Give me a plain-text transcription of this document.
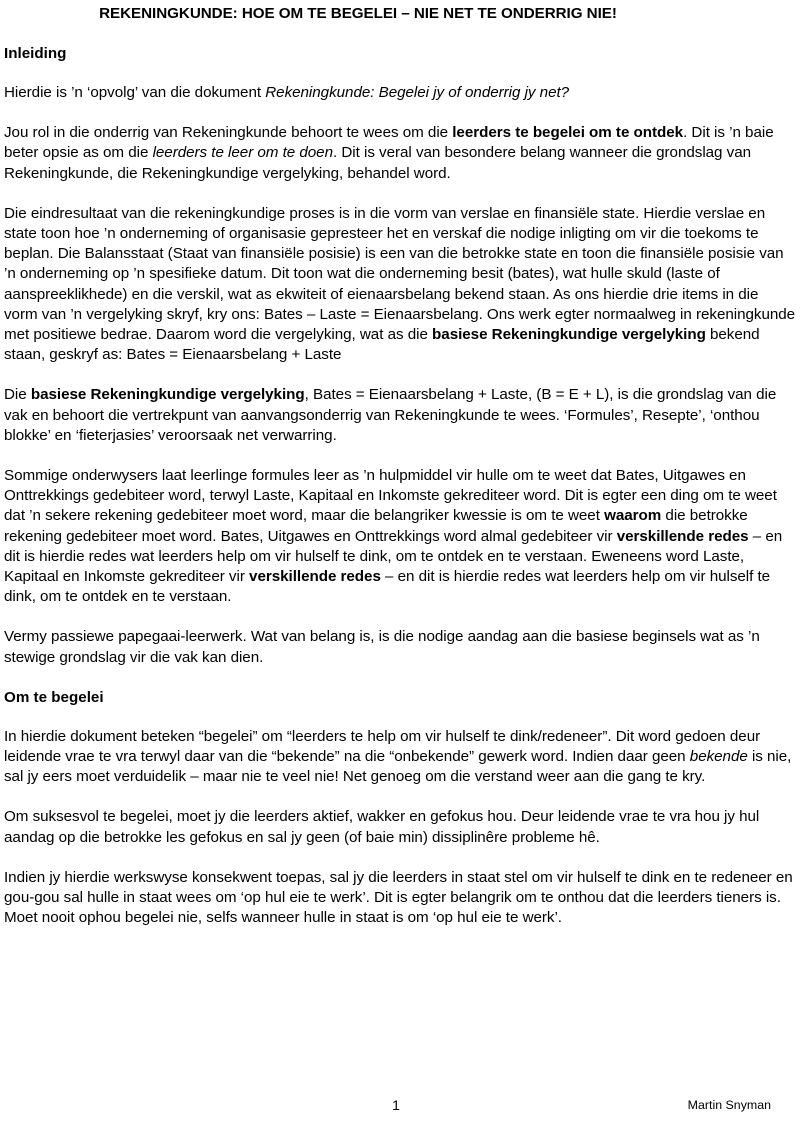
REKENINGKUNDE: HOE OM TE BEGELEI – NIE NET TE ONDERRIG NIE!
Inleiding

Hierdie is ’n ‘opvolg’ van die dokument Rekeningkunde: Begelei jy of onderrig jy net?

Jou rol in die onderrig van Rekeningkunde behoort te wees om die leerders te begelei om te ontdek. Dit is ’n baie beter opsie as om die leerders te leer om te doen. Dit is veral van besondere belang wanneer die grondslag van Rekeningkunde, die Rekeningkundige vergelyking, behandel word.

Die eindresultaat van die rekeningkundige proses is in die vorm van verslae en finansiële state. Hierdie verslae en state toon hoe ’n onderneming of organisasie gepresteer het en verskaf die nodige inligting om vir die toekoms te beplan. Die Balansstaat (Staat van finansiële posisie) is een van die betrokke state en toon die finansiële posisie van ’n onderneming op ’n spesifieke datum. Dit toon wat die onderneming besit (bates), wat hulle skuld (laste of aanspreeklikhede) en die verskil, wat as ekwiteit of eienaarsbelang bekend staan. As ons hierdie drie items in die vorm van ’n vergelyking skryf, kry ons: Bates – Laste = Eienaarsbelang. Ons werk egter normaalweg in rekeningkunde met positiewe bedrae. Daarom word die vergelyking, wat as die basiese Rekeningkundige vergelyking bekend staan, geskryf as: Bates = Eienaarsbelang + Laste

Die basiese Rekeningkundige vergelyking, Bates = Eienaarsbelang + Laste, (B = E + L), is die grondslag van die vak en behoort die vertrekpunt van aanvangsonderrig van Rekeningkunde te wees. ‘Formules’, Resepte’, ‘onthou blokke’ en ‘fieterjasies’ veroorsaak net verwarring.

Sommige onderwysers laat leerlinge formules leer as ’n hulpmiddel vir hulle om te weet dat Bates, Uitgawes en Onttrekkings gedebiteer word, terwyl Laste, Kapitaal en Inkomste gekrediteer word. Dit is egter een ding om te weet dat ’n sekere rekening gedebiteer moet word, maar die belangriker kwessie is om te weet waarom die betrokke rekening gedebiteer moet word. Bates, Uitgawes en Onttrekkings word almal gedebiteer vir verskillende redes – en dit is hierdie redes wat leerders help om vir hulself te dink, om te ontdek en te verstaan. Eweneens word Laste, Kapitaal en Inkomste gekrediteer vir verskillende redes – en dit is hierdie redes wat leerders help om vir hulself te dink, om te ontdek en te verstaan.

Vermy passiewe papegaai-leerwerk. Wat van belang is, is die nodige aandag aan die basiese beginsels wat as ’n stewige grondslag vir die vak kan dien.

Om te begelei

In hierdie dokument beteken “begelei” om “leerders te help om vir hulself te dink/redeneer”. Dit word gedoen deur leidende vrae te vra terwyl daar van die “bekende” na die “onbekende” gewerk word. Indien daar geen bekende is nie, sal jy eers moet verduidelik – maar nie te veel nie! Net genoeg om die verstand weer aan die gang te kry.

Om suksesvol te begelei, moet jy die leerders aktief, wakker en gefokus hou. Deur leidende vrae te vra hou jy hul aandag op die betrokke les gefokus en sal jy geen (of baie min) dissiplinêre probleme hê.

Indien jy hierdie werkswyse konsekwent toepas, sal jy die leerders in staat stel om vir hulself te dink en te redeneer en gou-gou sal hulle in staat wees om ‘op hul eie te werk’. Dit is egter belangrik om te onthou dat die leerders tieners is. Moet nooit ophou begelei nie, selfs wanneer hulle in staat is om ‘op hul eie te werk’.

1	Martin Snyman
